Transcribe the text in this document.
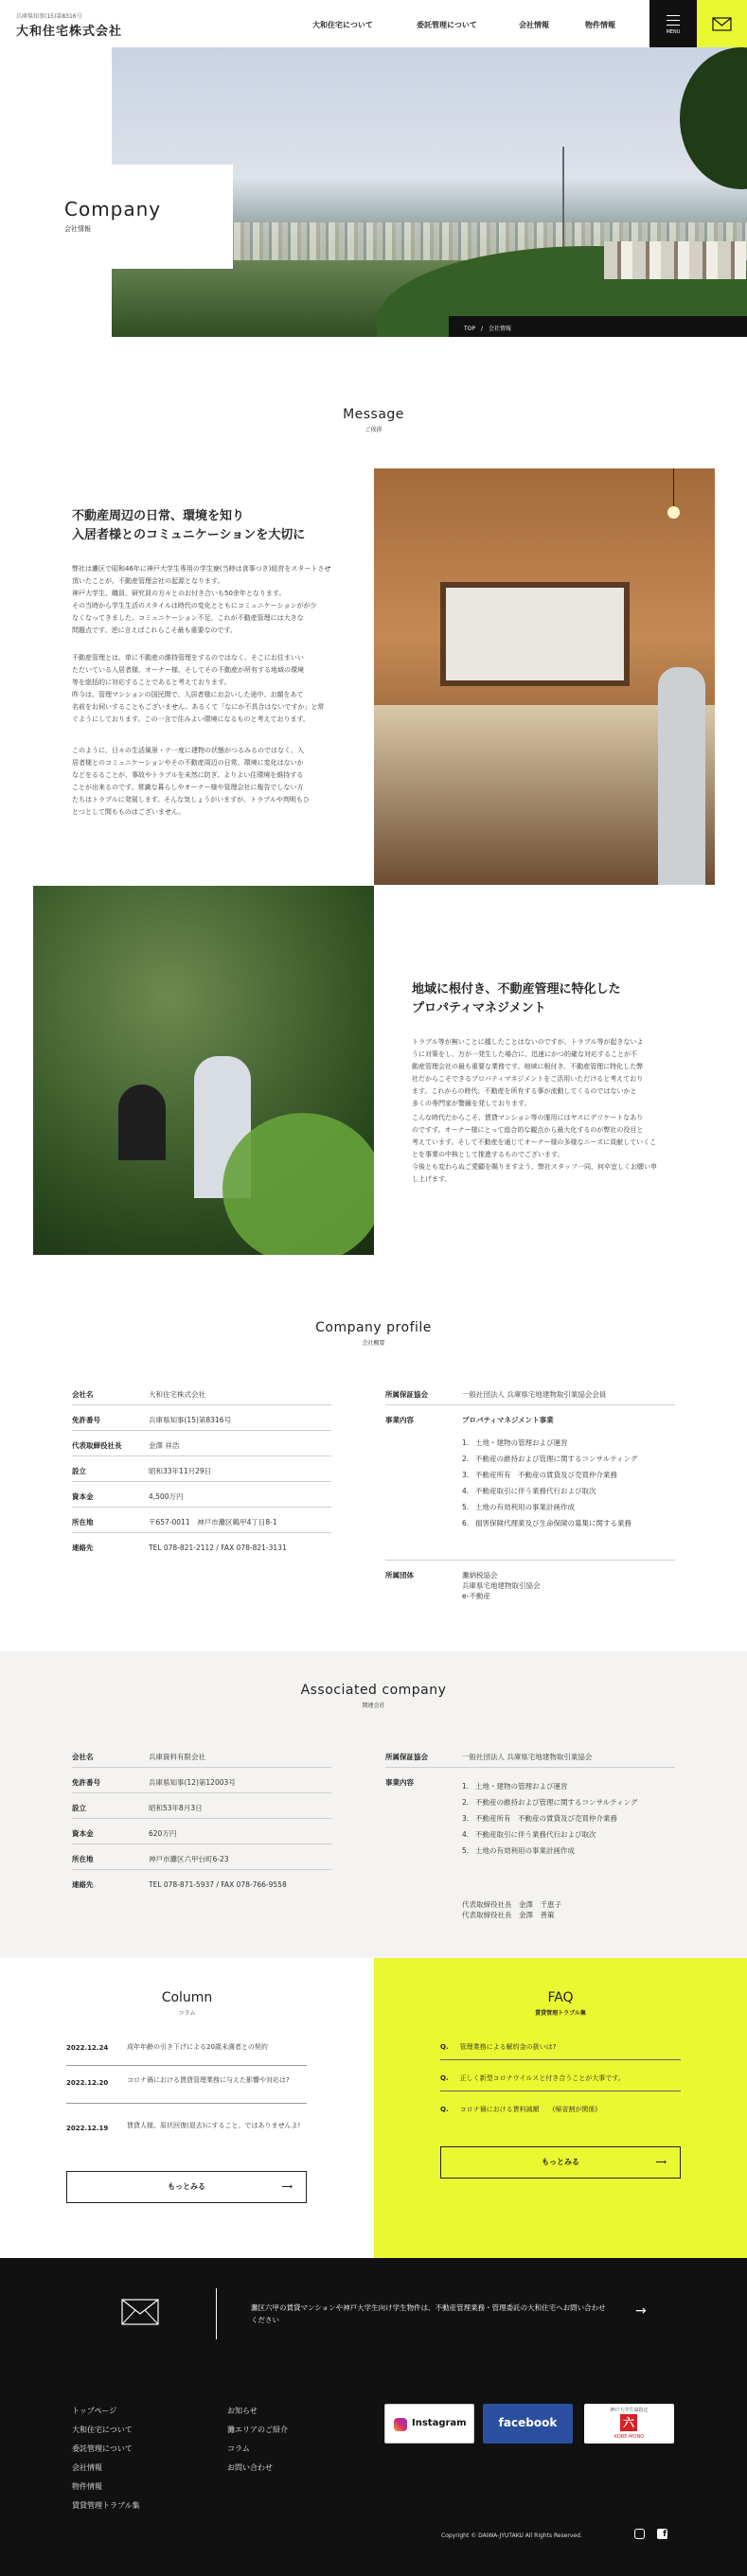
兵庫県知事(15)第8316号
大和住宅株式会社	大和住宅について	委託管理について	会社情報	物件情報
MENU
TOP　/　会社情報
Company
会社情報
Message
ご挨拶
不動産周辺の日常、環境を知り
入居者様とのコミュニケーションを大切に
弊社は灘区で昭和46年に神戸大学生専用の学生寮(当時は食事つき)経営をスタートさせ
頂いたことが、不動産管理会社の起源となります。
神戸大学生、職員、研究員の方々とのお付き合いも50余年となります。
その当時から学生生活のスタイルは時代の変化とともにコミュニケーションがが少
なくなってきました。コミュニケーション不足、これが不動産管理には大きな
問題点です。逆に言えばこれらこそ最も重要なのです。
不動産管理とは、単に不動産の維持管理をするのではなく、そこにお住まいい
ただいている入居者様、オーナー様、そしてその不動産が所有する地域の環境
等を総括的に対応することであると考えております。
昨今は、管理マンションの国民間で、入居者様にお会いした途中、お顔をあて
名前をお伺いすることもございません。あるくて「なにか不具合はないですか」と常
ぐようにしております。この一言で住みよい環境になるものと考えております。
このように、日々の生活風景・テ一度に建物の状態がつるみるのではなく、入
居者様とのコミュニケーションやその不動産周辺の日常、環境に変化はないか
などをるることが、事故やトラブルを未然に防ぎ、よりよい住環境を維持する
ことが出来るのです。常識な暮らしやオーナー様や管理会社に報告でしない方
たちはトラブルに発展します。そんな気しょうがいますが、トラブルや判明もひ
とつとして間もものはございません。
地域に根付き、不動産管理に特化した
プロパティマネジメント
トラブル等が無いことに越したことはないのですが、トラブル等が起きないよ
うに対策をし、万が一発生した場合に、迅速にかつ的確な対応することが不
動産管理会社の最も重要な業務です。地域に根付き、不動産管理に特化した弊
社だからこそできるプロパティマネジメントをご活用いただけると考えており
ます。これからの時代、不動産を所有する事が流動してくるのではないかと
多くの専門家が警鐘を発しております。
こんな時代だからこそ、賃貸マンション等の運用にはヤスにデリケートなあり
のですす。オーナー様にとって総合的な観点から最大化するのが弊社の役目と
考えています。そして不動産を通じてオーナー様の多様なニーズに貢献していくこ
とを事業の中核として推進するものでございます。
今後とも変わらぬご愛顧を賜りますよう、弊社スタッフ一同、何卒宜しくお願い申
し上げます。
Company profile
会社概要
会社名	大和住宅株式会社
免許番号	兵庫県知事(15)第8316号
代表取締役社長	金澤 祥浩
設立	昭和33年11月29日
資本金	4,500万円
所在地	〒657-0011　神戸市灘区鶴甲4丁目8-1
連絡先	TEL 078-821-2112 / FAX 078-821-3131
所属保証協会	一般社団法人 兵庫県宅地建物取引業協会会員
事業内容	プロパティマネジメント事業
1. 土地・建物の管理および運営
2. 不動産の維持および管理に関するコンサルティング
3. 不動産所有　不動産の賃貸及び売買仲介業務
4. 不動産取引に伴う業務代行および取次
5. 土地の有効利用の事業計画作成
6. 損害保険代理業及び生命保険の募集に関する業務
所属団体	灘納税協会
兵庫県宅地建物取引協会
e-不動産
Associated company
関連会社
会社名	兵庫資料有限会社
免許番号	兵庫県知事(12)第12003号
設立	昭和53年8月3日
資本金	620万円
所在地	神戸市灘区六甲台町6-23
連絡先	TEL 078-871-5937 / FAX 078-766-9558
所属保証協会	一般社団法人 兵庫県宅地建物取引業協会
事業内容	1. 土地・建物の管理および運営
2. 不動産の維持および管理に関するコンサルティング
3. 不動産所有　不動産の賃貸及び売買仲介業務
4. 不動産取引に伴う業務代行および取次
5. 土地の有効利用の事業計画作成
代表取締役社長　金澤　千恵子
代表取締役社長　金澤　善策
Column
コラム
2022.12.24	成年年齢の引き下げによる20歳未満者との契約
2022.12.20	コロナ禍における賃貸管理業務に与えた影響や対応は?
2022.12.19	賃貸人様、原状回復(退去)にすること、ではありませんよ!
もっとみる	⟶
FAQ
賃貸管理トラブル集
Q. 管理業務による解約金の扱いは?
Q. 正しく新型コロナウイルスと付き合うことが大事です。
Q. コロナ禍における賃料減額　　(帰省割が関係)
もっとみる	⟶
灘区六甲の賃貸マンションや神戸大学生向け学生物件は、不動産管理業務・管理委託の大和住宅へお問い合わせください
→
トップページ
大和住宅について
委託管理について
会社情報
物件情報
賃貸管理トラブル集
お知らせ
灘エリアのご紹介
コラム
お問い合わせ
Copyright © DAIWA-JYUTAKU All Rights Reserved.	f
Instagram	facebook
神戸大学生協指定
六
KOBE-MONO
